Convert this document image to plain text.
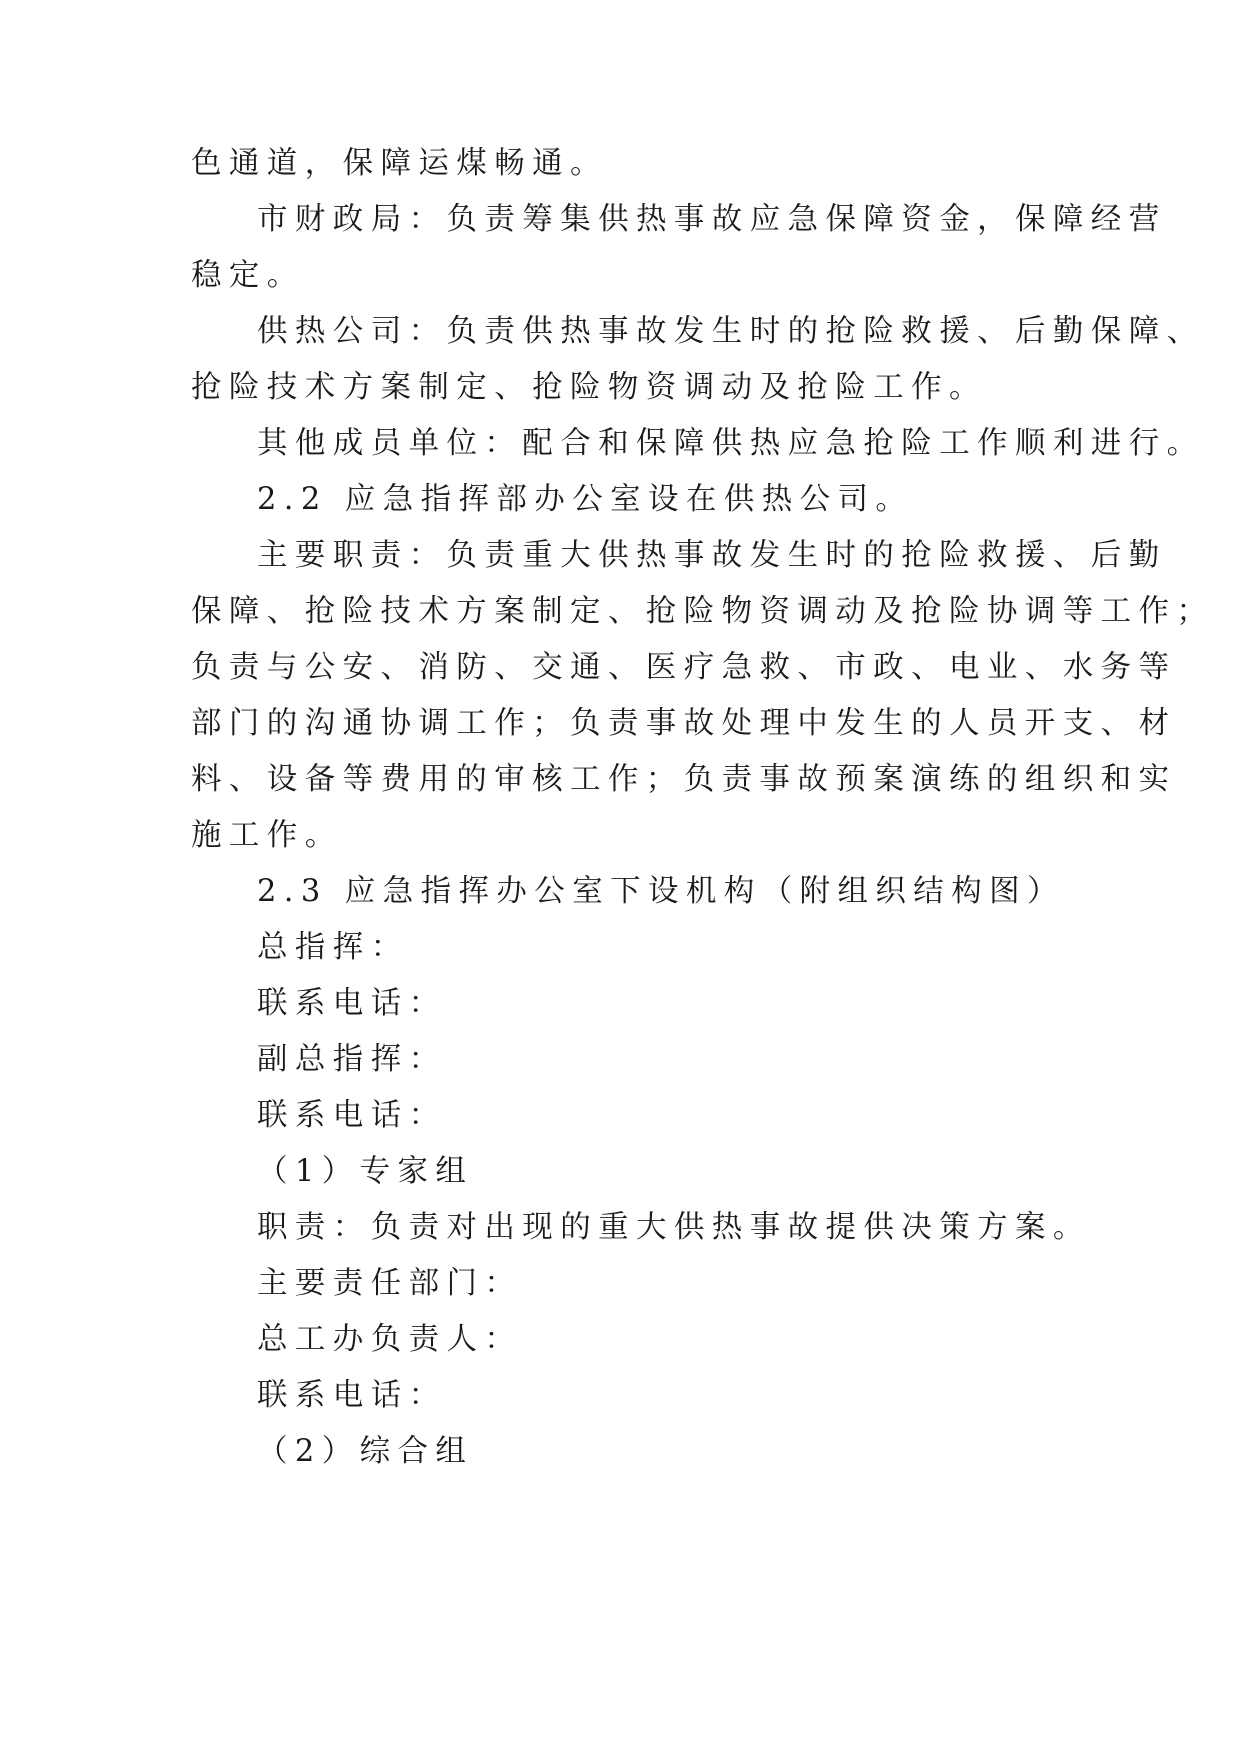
色通道，保障运煤畅通。
市财政局：负责筹集供热事故应急保障资金，保障经营
稳定。
供热公司：负责供热事故发生时的抢险救援、后勤保障、
抢险技术方案制定、抢险物资调动及抢险工作。
其他成员单位：配合和保障供热应急抢险工作顺利进行。
2.2 应急指挥部办公室设在供热公司。
主要职责：负责重大供热事故发生时的抢险救援、后勤
保障、抢险技术方案制定、抢险物资调动及抢险协调等工作；
负责与公安、消防、交通、医疗急救、市政、电业、水务等
部门的沟通协调工作；负责事故处理中发生的人员开支、材
料、设备等费用的审核工作；负责事故预案演练的组织和实
施工作。
2.3 应急指挥办公室下设机构（附组织结构图）
总指挥：
联系电话：
副总指挥：
联系电话：
（1）专家组
职责：负责对出现的重大供热事故提供决策方案。
主要责任部门：
总工办负责人：
联系电话：
（2）综合组
